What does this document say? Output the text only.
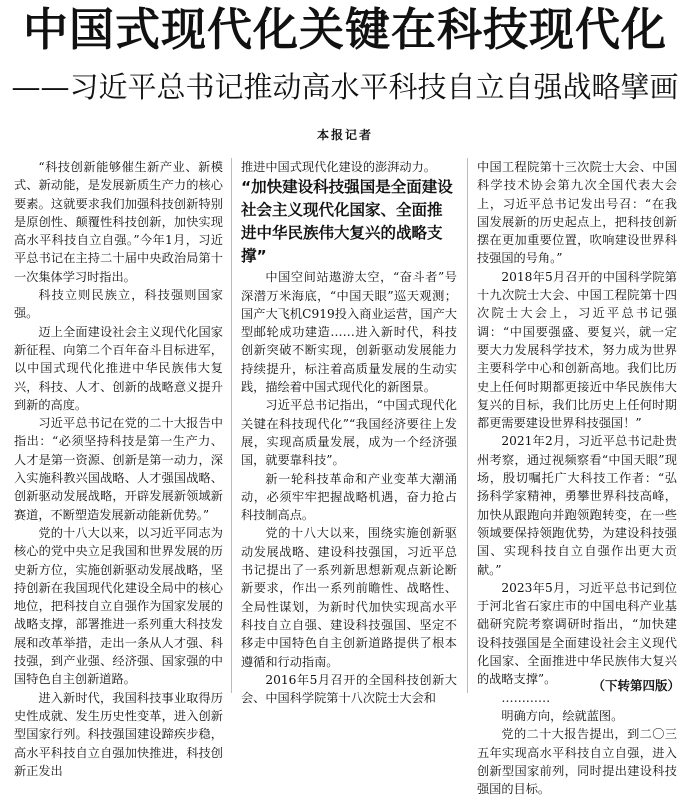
中国式现代化关键在科技现代化
——习近平总书记推动高水平科技自立自强战略擘画
本报记者

“科技创新能够催生新产业、新模式、新动能，是发展新质生产力的核心要素。这就要求我们加强科技创新特别是原创性、颠覆性科技创新，加快实现高水平科技自立自强。”今年1月，习近平总书记在主持二十届中央政治局第十一次集体学习时指出。

科技立则民族立，科技强则国家强。

迈上全面建设社会主义现代化国家新征程、向第二个百年奋斗目标进军，以中国式现代化推进中华民族伟大复兴，科技、人才、创新的战略意义提升到新的高度。

习近平总书记在党的二十大报告中指出：“必须坚持科技是第一生产力、人才是第一资源、创新是第一动力，深入实施科教兴国战略、人才强国战略、创新驱动发展战略，开辟发展新领域新赛道，不断塑造发展新动能新优势。”

党的十八大以来，以习近平同志为核心的党中央立足我国和世界发展的历史新方位，实施创新驱动发展战略，坚持创新在我国现代化建设全局中的核心地位，把科技自立自强作为国家发展的战略支撑，部署推进一系列重大科技发展和改革举措，走出一条从人才强、科技强，到产业强、经济强、国家强的中国特色自主创新道路。

进入新时代，我国科技事业取得历史性成就、发生历史性变革，进入创新型国家行列。科技强国建设蹄疾步稳，高水平科技自立自强加快推进，科技创新正发出

推进中国式现代化建设的澎湃动力。

“加快建设科技强国是全面建设社会主义现代化国家、全面推进中华民族伟大复兴的战略支撑”

中国空间站遨游太空，“奋斗者”号深潜万米海底，“中国天眼”巡天观测；国产大飞机C919投入商业运营，国产大型邮轮成功建造……进入新时代，科技创新突破不断实现，创新驱动发展能力持续提升，标注着高质量发展的生动实践，描绘着中国式现代化的新图景。

习近平总书记指出，“中国式现代化关键在科技现代化”“我国经济要往上发展，实现高质量发展，成为一个经济强国，就要靠科技”。

新一轮科技革命和产业变革大潮涌动，必须牢牢把握战略机遇，奋力抢占科技制高点。

党的十八大以来，围绕实施创新驱动发展战略、建设科技强国，习近平总书记提出了一系列新思想新观点新论断新要求，作出一系列前瞻性、战略性、全局性谋划，为新时代加快实现高水平科技自立自强、建设科技强国、坚定不移走中国特色自主创新道路提供了根本遵循和行动指南。

2016年5月召开的全国科技创新大会、中国科学院第十八次院士大会和

中国工程院第十三次院士大会、中国科学技术协会第九次全国代表大会上，习近平总书记发出号召：“在我国发展新的历史起点上，把科技创新摆在更加重要位置，吹响建设世界科技强国的号角。”

2018年5月召开的中国科学院第十九次院士大会、中国工程院第十四次院士大会上，习近平总书记强调：“中国要强盛、要复兴，就一定要大力发展科学技术，努力成为世界主要科学中心和创新高地。我们比历史上任何时期都更接近中华民族伟大复兴的目标，我们比历史上任何时期都更需要建设世界科技强国！”

2021年2月，习近平总书记赴贵州考察，通过视频察看“中国天眼”现场，殷切嘱托广大科技工作者：“弘扬科学家精神，勇攀世界科技高峰，加快从跟跑向并跑领跑转变，在一些领域要保持领跑优势，为建设科技强国、实现科技自立自强作出更大贡献。”

2023年5月，习近平总书记到位于河北省石家庄市的中国电科产业基础研究院考察调研时指出，“加快建设科技强国是全面建设社会主义现代化国家、全面推进中华民族伟大复兴的战略支撑”。

…………

明确方向，绘就蓝图。

党的二十大报告提出，到二〇三五年实现高水平科技自立自强，进入创新型国家前列，同时提出建设科技强国的目标。

（下转第四版）
